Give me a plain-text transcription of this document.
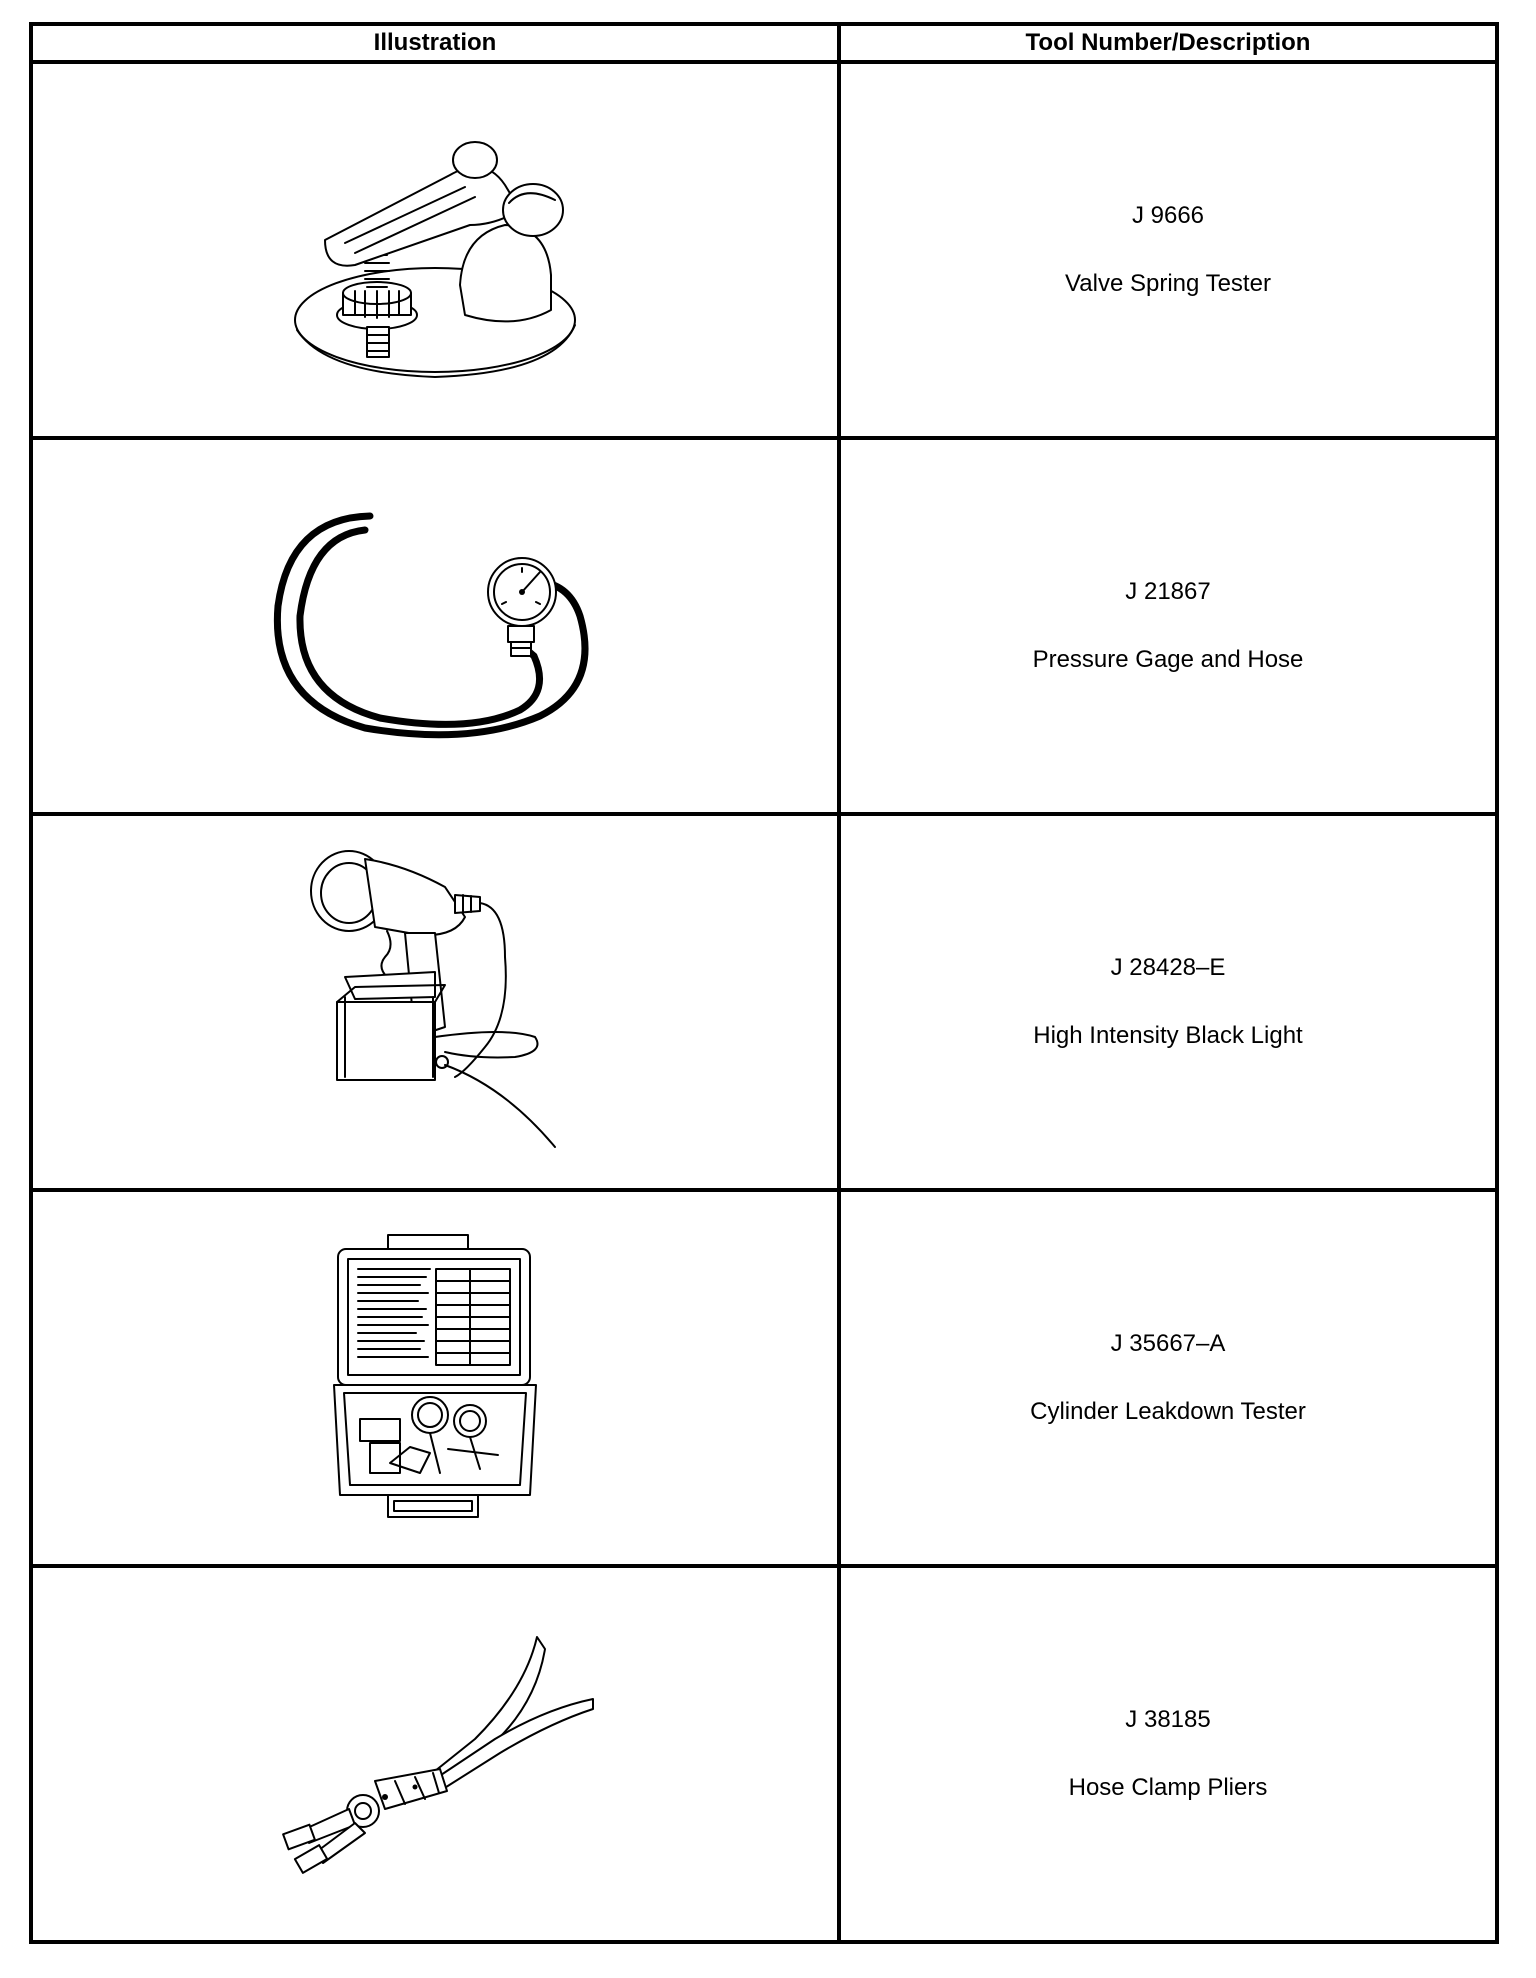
Illustration	Tool Number/Description

J 9666
Valve Spring Tester

J 21867
Pressure Gage and Hose

J 28428–E
High Intensity Black Light

J 35667–A
Cylinder Leakdown Tester

J 38185
Hose Clamp Pliers
